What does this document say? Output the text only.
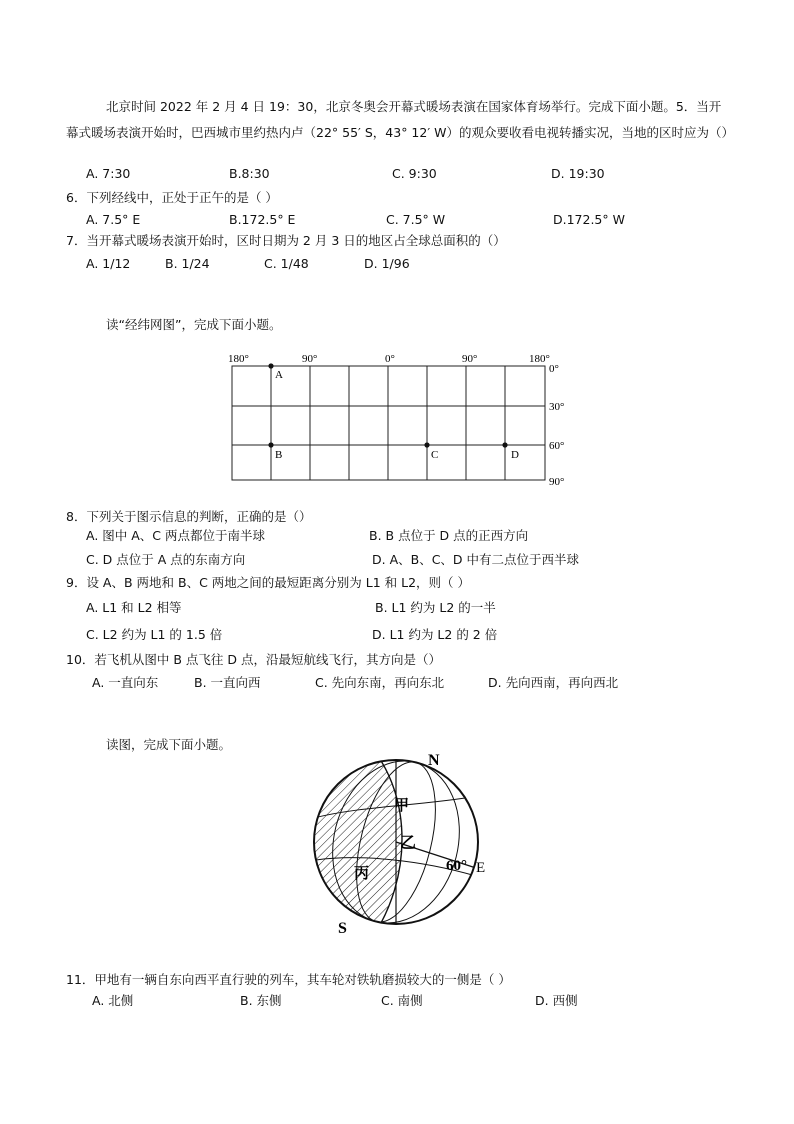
北京时间 2022 年 2 月 4 日 19：30，北京冬奥会开幕式暖场表演在国家体育场举行。完成下面小题。5．当开幕式暖场表演开始时，巴西城市里约热内卢（22° 55′ S，43° 12′ W）的观众要收看电视转播实况，当地的区时应为（）
A. 7:30	B.8:30	C. 9:30	D. 19:30
6．下列经线中，正处于正午的是（ ）
A. 7.5° E	B.172.5° E	C. 7.5° W	D.172.5° W
7．当开幕式暖场表演开始时，区时日期为 2 月 3 日的地区占全球总面积的（）
A. 1/12	B. 1/24	C. 1/48	D. 1/96
读“经纬网图”，完成下面小题。
180°	90°	0°	90°	180°
0°
30°
60°
90°
A
B	C	D
8．下列关于图示信息的判断，正确的是（）
A. 图中 A、C 两点都位于南半球	B. B 点位于 D 点的正西方向
C. D 点位于 A 点的东南方向	D. A、B、C、D 中有二点位于西半球
9．设 A、B 两地和 B、C 两地之间的最短距离分别为 L1 和 L2，则（ ）
A. L1 和 L2 相等	B. L1 约为 L2 的一半
C. L2 约为 L1 的 1.5 倍	D. L1 约为 L2 的 2 倍
10．若飞机从图中 B 点飞往 D 点，沿最短航线飞行，其方向是（）
A. 一直向东	B. 一直向西	C. 先向东南，再向东北	D. 先向西南，再向西北
读图，完成下面小题。
N
S
E
60°
甲
乙
丙
11．甲地有一辆自东向西平直行驶的列车，其车轮对铁轨磨损较大的一侧是（ ）
A. 北侧	B. 东侧	C. 南侧	D. 西侧
